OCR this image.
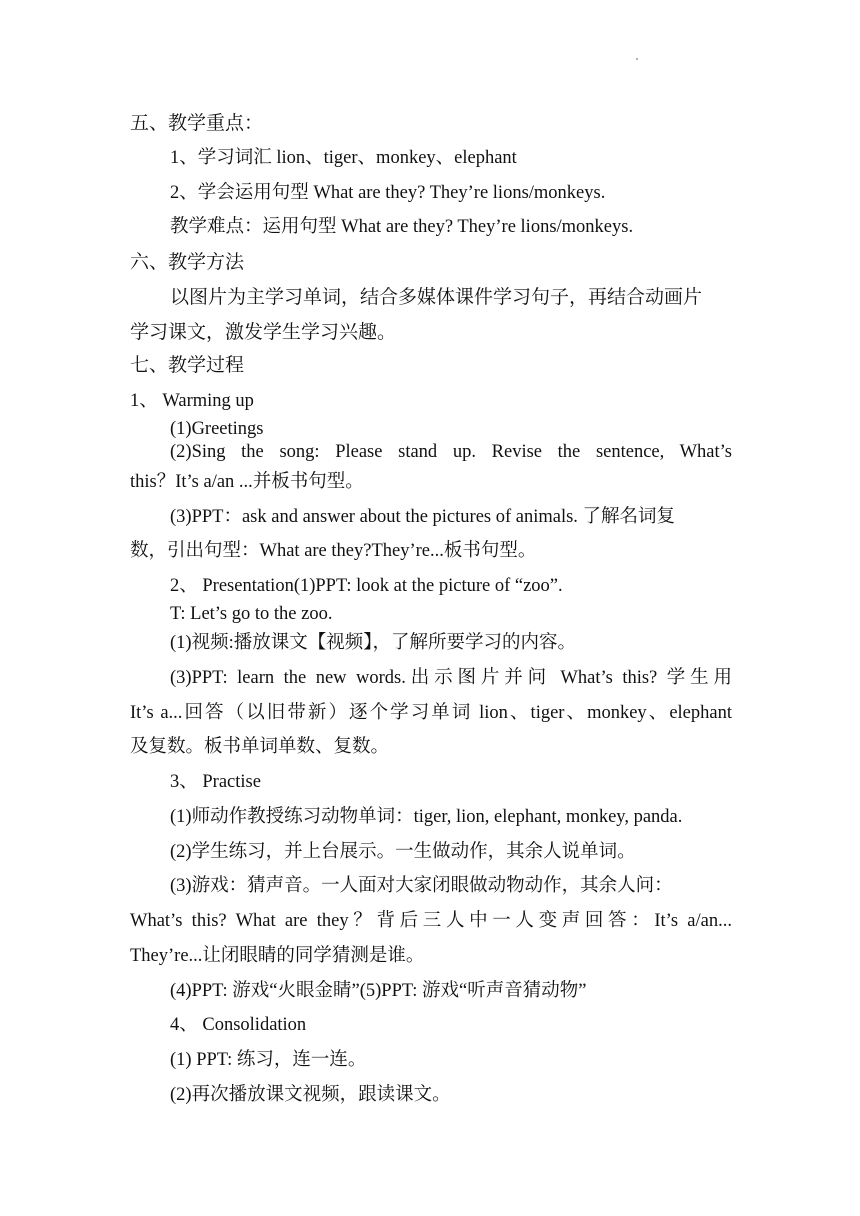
五、教学重点：
1、学习词汇 lion、tiger、monkey、elephant
2、学会运用句型 What are they? They’re lions/monkeys.
教学难点：运用句型 What are they? They’re lions/monkeys.
六、教学方法
以图片为主学习单词，结合多媒体课件学习句子，再结合动画片
学习课文，激发学生学习兴趣。
七、教学过程
1、 Warming up
(1)Greetings
(2)Sing the song: Please stand up. Revise the sentence, What’s
this？It’s a/an ...并板书句型。
(3)PPT：ask and answer about the pictures of animals. 了解名词复
数，引出句型：What are they?They’re...板书句型。
2、 Presentation(1)PPT: look at the picture of “zoo”.
T: Let’s go to the zoo.
(1)视频:播放课文【视频】，了解所要学习的内容。
(3)PPT: learn the new words.出示图片并问 What’s this? 学生用
It’s a...回答（以旧带新）逐个学习单词 lion、tiger、monkey、elephant
及复数。板书单词单数、复数。
3、 Practise
(1)师动作教授练习动物单词：tiger, lion, elephant, monkey, panda.
(2)学生练习，并上台展示。一生做动作，其余人说单词。
(3)游戏：猜声音。一人面对大家闭眼做动物动作，其余人问：
What’s this? What are they？背后三人中一人变声回答：It’s a/an...
They’re...让闭眼睛的同学猜测是谁。
(4)PPT: 游戏“火眼金睛”(5)PPT: 游戏“听声音猜动物”
4、 Consolidation
(1) PPT: 练习，连一连。
(2)再次播放课文视频，跟读课文。
